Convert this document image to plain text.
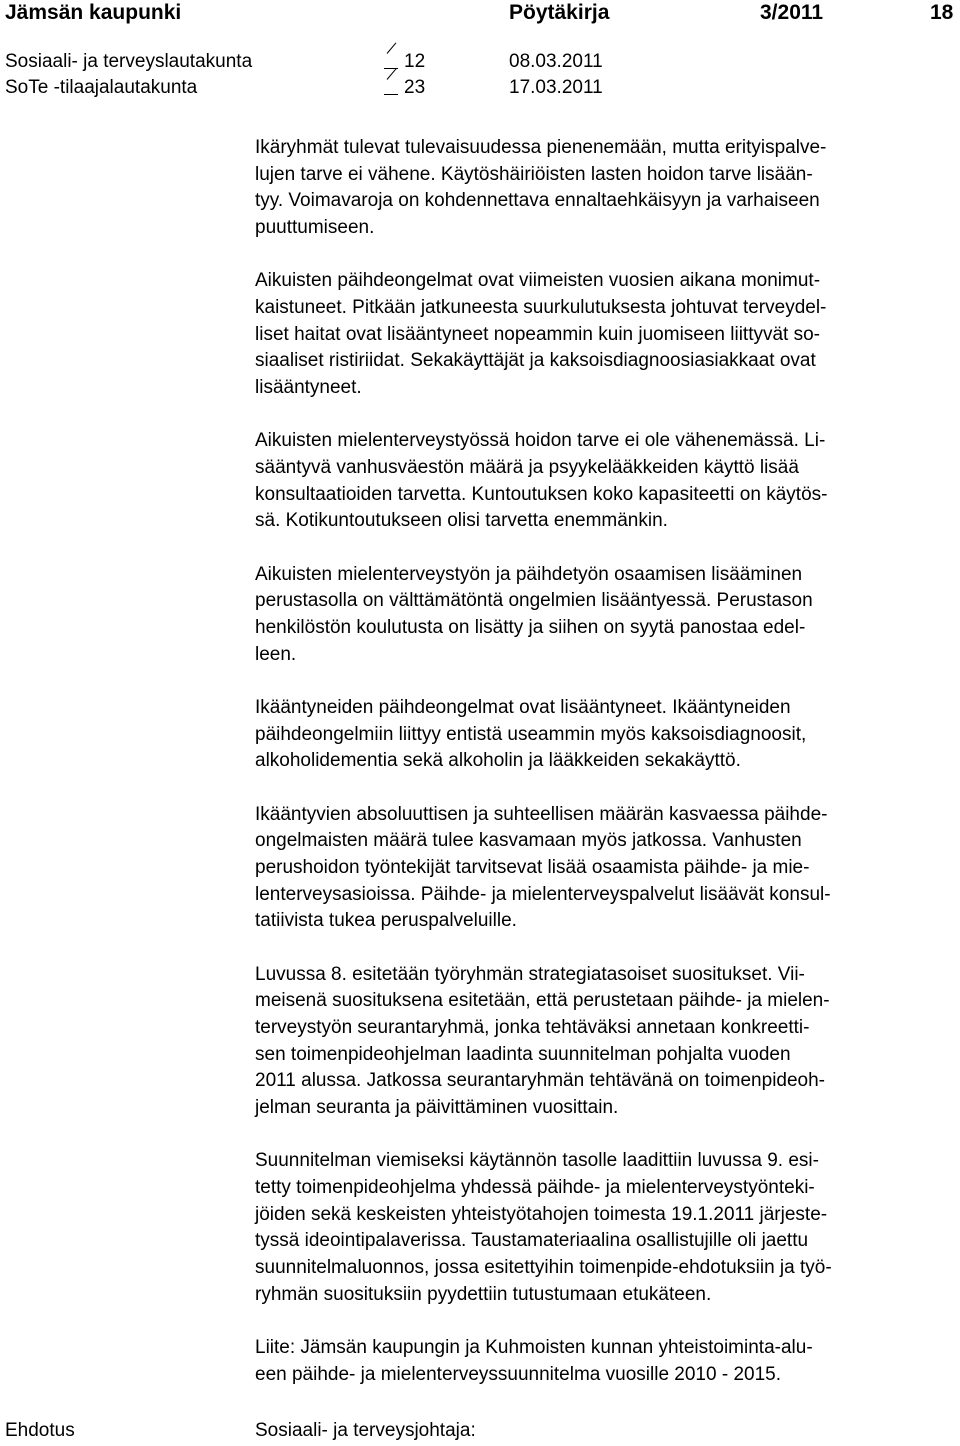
Jämsän kaupunki	Pöytäkirja	3/2011	18
Sosiaali- ja terveyslautakunta	12	08.03.2011
SoTe -tilaajalautakunta	23	17.03.2011

Ikäryhmät tulevat tulevaisuudessa pienenemään, mutta erityispalve-
lujen tarve ei vähene. Käytöshäiriöisten lasten hoidon tarve lisään-
tyy. Voimavaroja on kohdennettava ennaltaehkäisyyn ja varhaiseen
puuttumiseen.

Aikuisten päihdeongelmat ovat viimeisten vuosien aikana monimut-
kaistuneet. Pitkään jatkuneesta suurkulutuksesta johtuvat terveydel-
liset haitat ovat lisääntyneet nopeammin kuin juomiseen liittyvät so-
siaaliset ristiriidat. Sekakäyttäjät ja kaksoisdiagnoosiasiakkaat ovat
lisääntyneet.

Aikuisten mielenterveystyössä hoidon tarve ei ole vähenemässä. Li-
sääntyvä vanhusväestön määrä ja psyykelääkkeiden käyttö lisää
konsultaatioiden tarvetta. Kuntoutuksen koko kapasiteetti on käytös-
sä. Kotikuntoutukseen olisi tarvetta enemmänkin.

Aikuisten mielenterveystyön ja päihdetyön osaamisen lisääminen
perustasolla on välttämätöntä ongelmien lisääntyessä. Perustason
henkilöstön koulutusta on lisätty ja siihen on syytä panostaa edel-
leen.

Ikääntyneiden päihdeongelmat ovat lisääntyneet. Ikääntyneiden
päihdeongelmiin liittyy entistä useammin myös kaksoisdiagnoosit,
alkoholidementia sekä alkoholin ja lääkkeiden sekakäyttö.

Ikääntyvien absoluuttisen ja suhteellisen määrän kasvaessa päihde-
ongelmaisten määrä tulee kasvamaan myös jatkossa. Vanhusten
perushoidon työntekijät tarvitsevat lisää osaamista päihde- ja mie-
lenterveysasioissa. Päihde- ja mielenterveyspalvelut lisäävät konsul-
tatiivista tukea peruspalveluille.

Luvussa 8. esitetään työryhmän strategiatasoiset suositukset. Vii-
meisenä suosituksena esitetään, että perustetaan päihde- ja mielen-
terveystyön seurantaryhmä, jonka tehtäväksi annetaan konkreetti-
sen toimenpideohjelman laadinta suunnitelman pohjalta vuoden
2011 alussa. Jatkossa seurantaryhmän tehtävänä on toimenpideoh-
jelman seuranta ja päivittäminen vuosittain.

Suunnitelman viemiseksi käytännön tasolle laadittiin luvussa 9. esi-
tetty toimenpideohjelma yhdessä päihde- ja mielenterveystyönteki-
jöiden sekä keskeisten yhteistyötahojen toimesta 19.1.2011 järjeste-
tyssä ideointipalaverissa. Taustamateriaalina osallistujille oli jaettu
suunnitelmaluonnos, jossa esitettyihin toimenpide-ehdotuksiin ja työ-
ryhmän suosituksiin pyydettiin tutustumaan etukäteen.

Liite: Jämsän kaupungin ja Kuhmoisten kunnan yhteistoiminta-alu-
een päihde- ja mielenterveyssuunnitelma vuosille 2010 - 2015.

Ehdotus	Sosiaali- ja terveysjohtaja:
